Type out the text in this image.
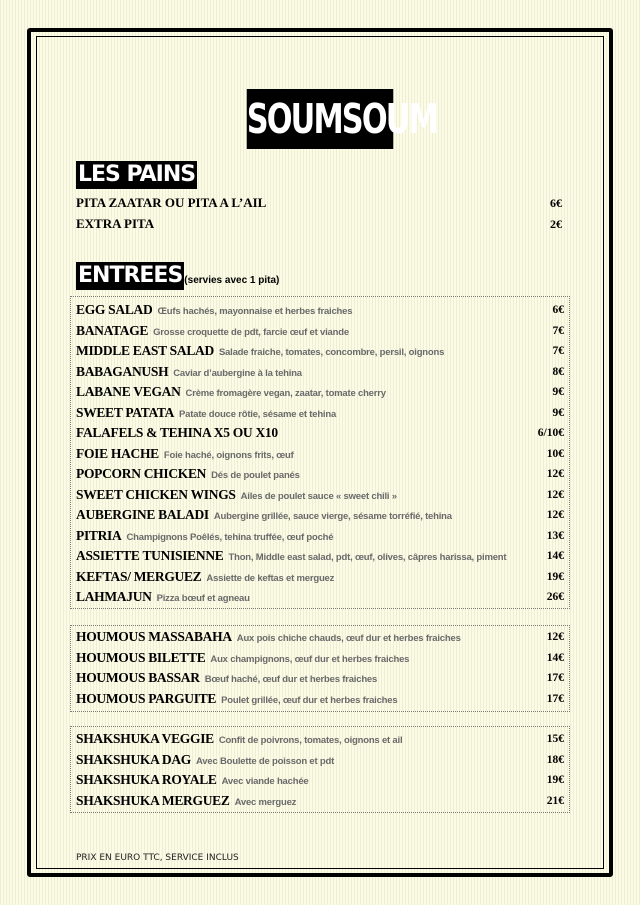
SOUMSOUM
LES PAINS
PITA ZAATAR OU PITA A L’AIL	6€
EXTRA PITA	2€
ENTREES (servies avec 1 pita)
EGG SALAD Œufs hachés, mayonnaise et herbes fraiches	6€
BANATAGE Grosse croquette de pdt, farcie œuf et viande	7€
MIDDLE EAST SALAD Salade fraiche, tomates, concombre, persil, oignons	7€
BABAGANUSH Caviar d’aubergine à la tehina	8€
LABANE VEGAN Crème fromagère vegan, zaatar, tomate cherry	9€
SWEET PATATA Patate douce rôtie, sésame et tehina	9€
FALAFELS & TEHINA X5 OU X10	6/10€
FOIE HACHE Foie haché, oignons frits, œuf	10€
POPCORN CHICKEN Dés de poulet panés	12€
SWEET CHICKEN WINGS Ailes de poulet sauce « sweet chili »	12€
AUBERGINE BALADI Aubergine grillée, sauce vierge, sésame torréfié, tehina	12€
PITRIA Champignons Poêlés, tehina truffée, œuf poché	13€
ASSIETTE TUNISIENNE Thon, Middle east salad, pdt, œuf, olives, câpres harissa, piment	14€
KEFTAS/ MERGUEZ Assiette de keftas et merguez	19€
LAHMAJUN Pizza bœuf et agneau	26€
HOUMOUS MASSABAHA Aux pois chiche chauds, œuf dur et herbes fraiches	12€
HOUMOUS BILETTE Aux champignons, œuf dur et herbes fraiches	14€
HOUMOUS BASSAR Bœuf haché, œuf dur et herbes fraiches	17€
HOUMOUS PARGUITE Poulet grillée, œuf dur et herbes fraiches	17€
SHAKSHUKA VEGGIE Confit de poivrons, tomates, oignons et ail	15€
SHAKSHUKA DAG Avec Boulette de poisson et pdt	18€
SHAKSHUKA ROYALE Avec viande hachée	19€
SHAKSHUKA MERGUEZ Avec merguez	21€
PRIX EN EURO TTC, SERVICE INCLUS
